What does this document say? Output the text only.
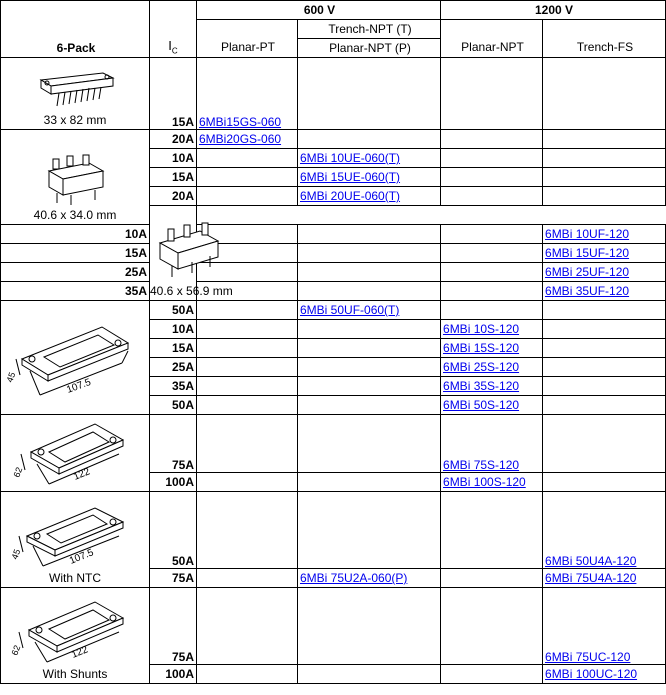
6-Pack	$I_C$	600 V		1200 V	
		Planar-PT	Trench-NPT (T)	Planar-NPT	Trench-FS
			Planar-NPT (P)		

33 x 82 mm	15A	6MBi15GS-060			

40.6 x 34.0 mm	20A	6MBi20GS-060			
	10A		6MBi 10UE-060(T)		
	15A		6MBi 15UE-060(T)		
	20A		6MBi 20UE-060(T)		

	40.6 x 56.9 mm				

10A					6MBi 10UF-120
15A					6MBi 15UF-120
25A					6MBi 25UF-120
35A					6MBi 35UF-120

107.5
45	50A		6MBi 50UF-060(T)		
	10A			6MBi 10S-120	
	15A			6MBi 15S-120	
	25A			6MBi 25S-120	
	35A			6MBi 35S-120	
	50A			6MBi 50S-120	

122
62	75A			6MBi 75S-120	
	100A			6MBi 100S-120	

107.5
45
With NTC	50A				6MBi 50U4A-120
	75A		6MBi 75U2A-060(P)		6MBi 75U4A-120

122
62
With Shunts	75A				6MBi 75UC-120
	100A				6MBi 100UC-120
